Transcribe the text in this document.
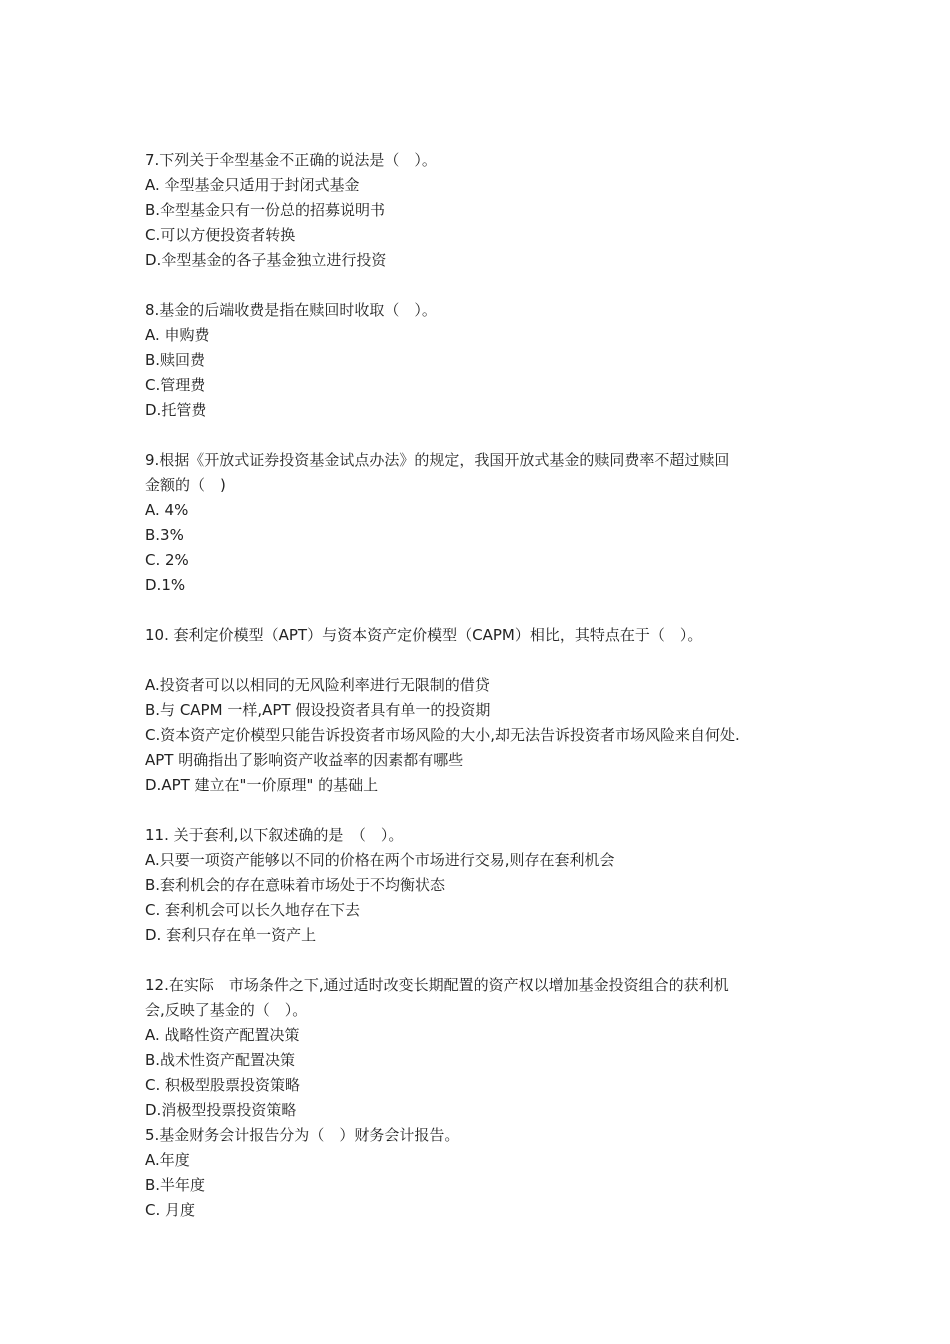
7.下列关于伞型基金不正确的说法是（　）。
A. 伞型基金只适用于封闭式基金
B.伞型基金只有一份总的招募说明书
C.可以方便投资者转换
D.伞型基金的各子基金独立进行投资
8.基金的后端收费是指在赎回时收取（　）。
A. 申购费
B.赎回费
C.管理费
D.托管费
9.根据《开放式证券投资基金试点办法》的规定，我国开放式基金的赎同费率不超过赎回
金额的（　)
A. 4%
B.3%
C. 2%
D.1%
10. 套利定价模型（APT）与资本资产定价模型（CAPM）相比，其特点在于（　）。
A.投资者可以以相同的无风险利率进行无限制的借贷
B.与 CAPM 一样,APT 假设投资者具有单一的投资期
C.资本资产定价模型只能告诉投资者市场风险的大小,却无法告诉投资者市场风险来自何处.
APT 明确指出了影响资产收益率的因素都有哪些
D.APT 建立在"一价原理" 的基础上
11. 关于套利,以下叙述确的是　（　）。
A.只要一项资产能够以不同的价格在两个市场进行交易,则存在套利机会
B.套利机会的存在意味着市场处于不均衡状态
C. 套利机会可以长久地存在下去
D. 套利只存在单一资产上
12.在实际　市场条件之下,通过适时改变长期配置的资产权以增加基金投资组合的获利机
会,反映了基金的（　）。
A. 战略性资产配置决策
B.战术性资产配置决策
C. 积极型股票投资策略
D.消极型投票投资策略
5.基金财务会计报告分为（　）财务会计报告。
A.年度
B.半年度
C. 月度
